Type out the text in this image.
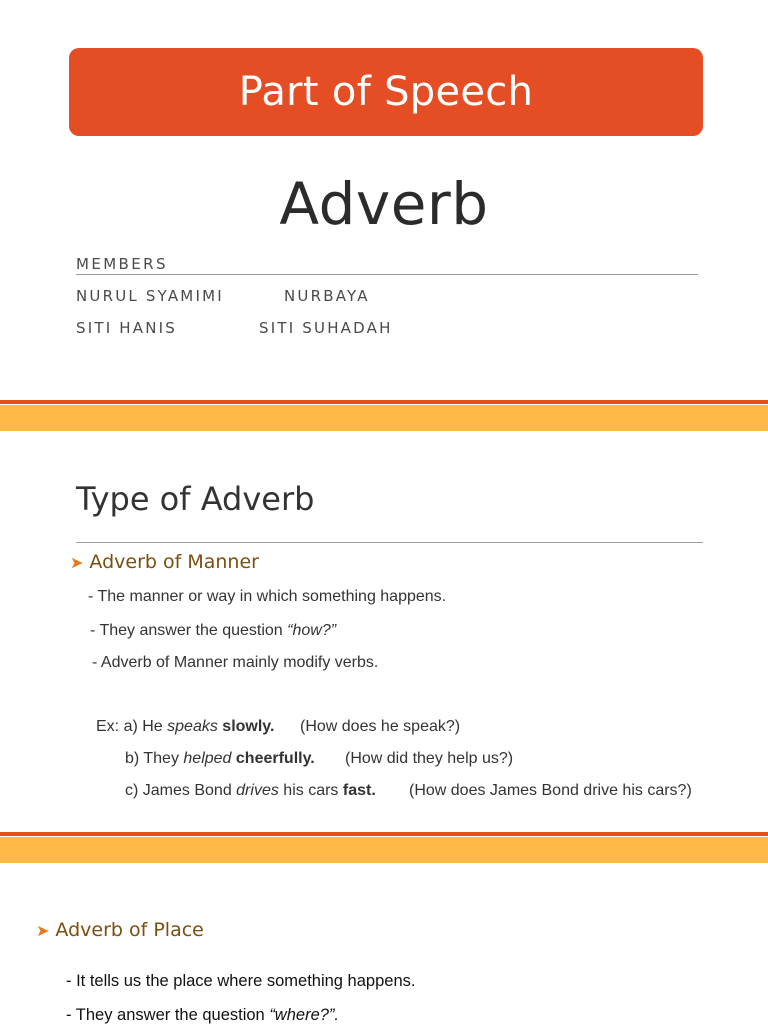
Part of Speech
Adverb
MEMBERS
NURUL SYAMIMI	NURBAYA
SITI HANIS	SITI SUHADAH
Type of Adverb
➤ Adverb of Manner
- The manner or way in which something happens.
- They answer the question “how?”
- Adverb of Manner mainly modify verbs.
Ex: a) He speaks slowly. (How does he speak?)
b) They helped cheerfully. (How did they help us?)
c) James Bond drives his cars fast. (How does James Bond drive his cars?)
➤ Adverb of Place
- It tells us the place where something happens.
- They answer the question “where?”.
